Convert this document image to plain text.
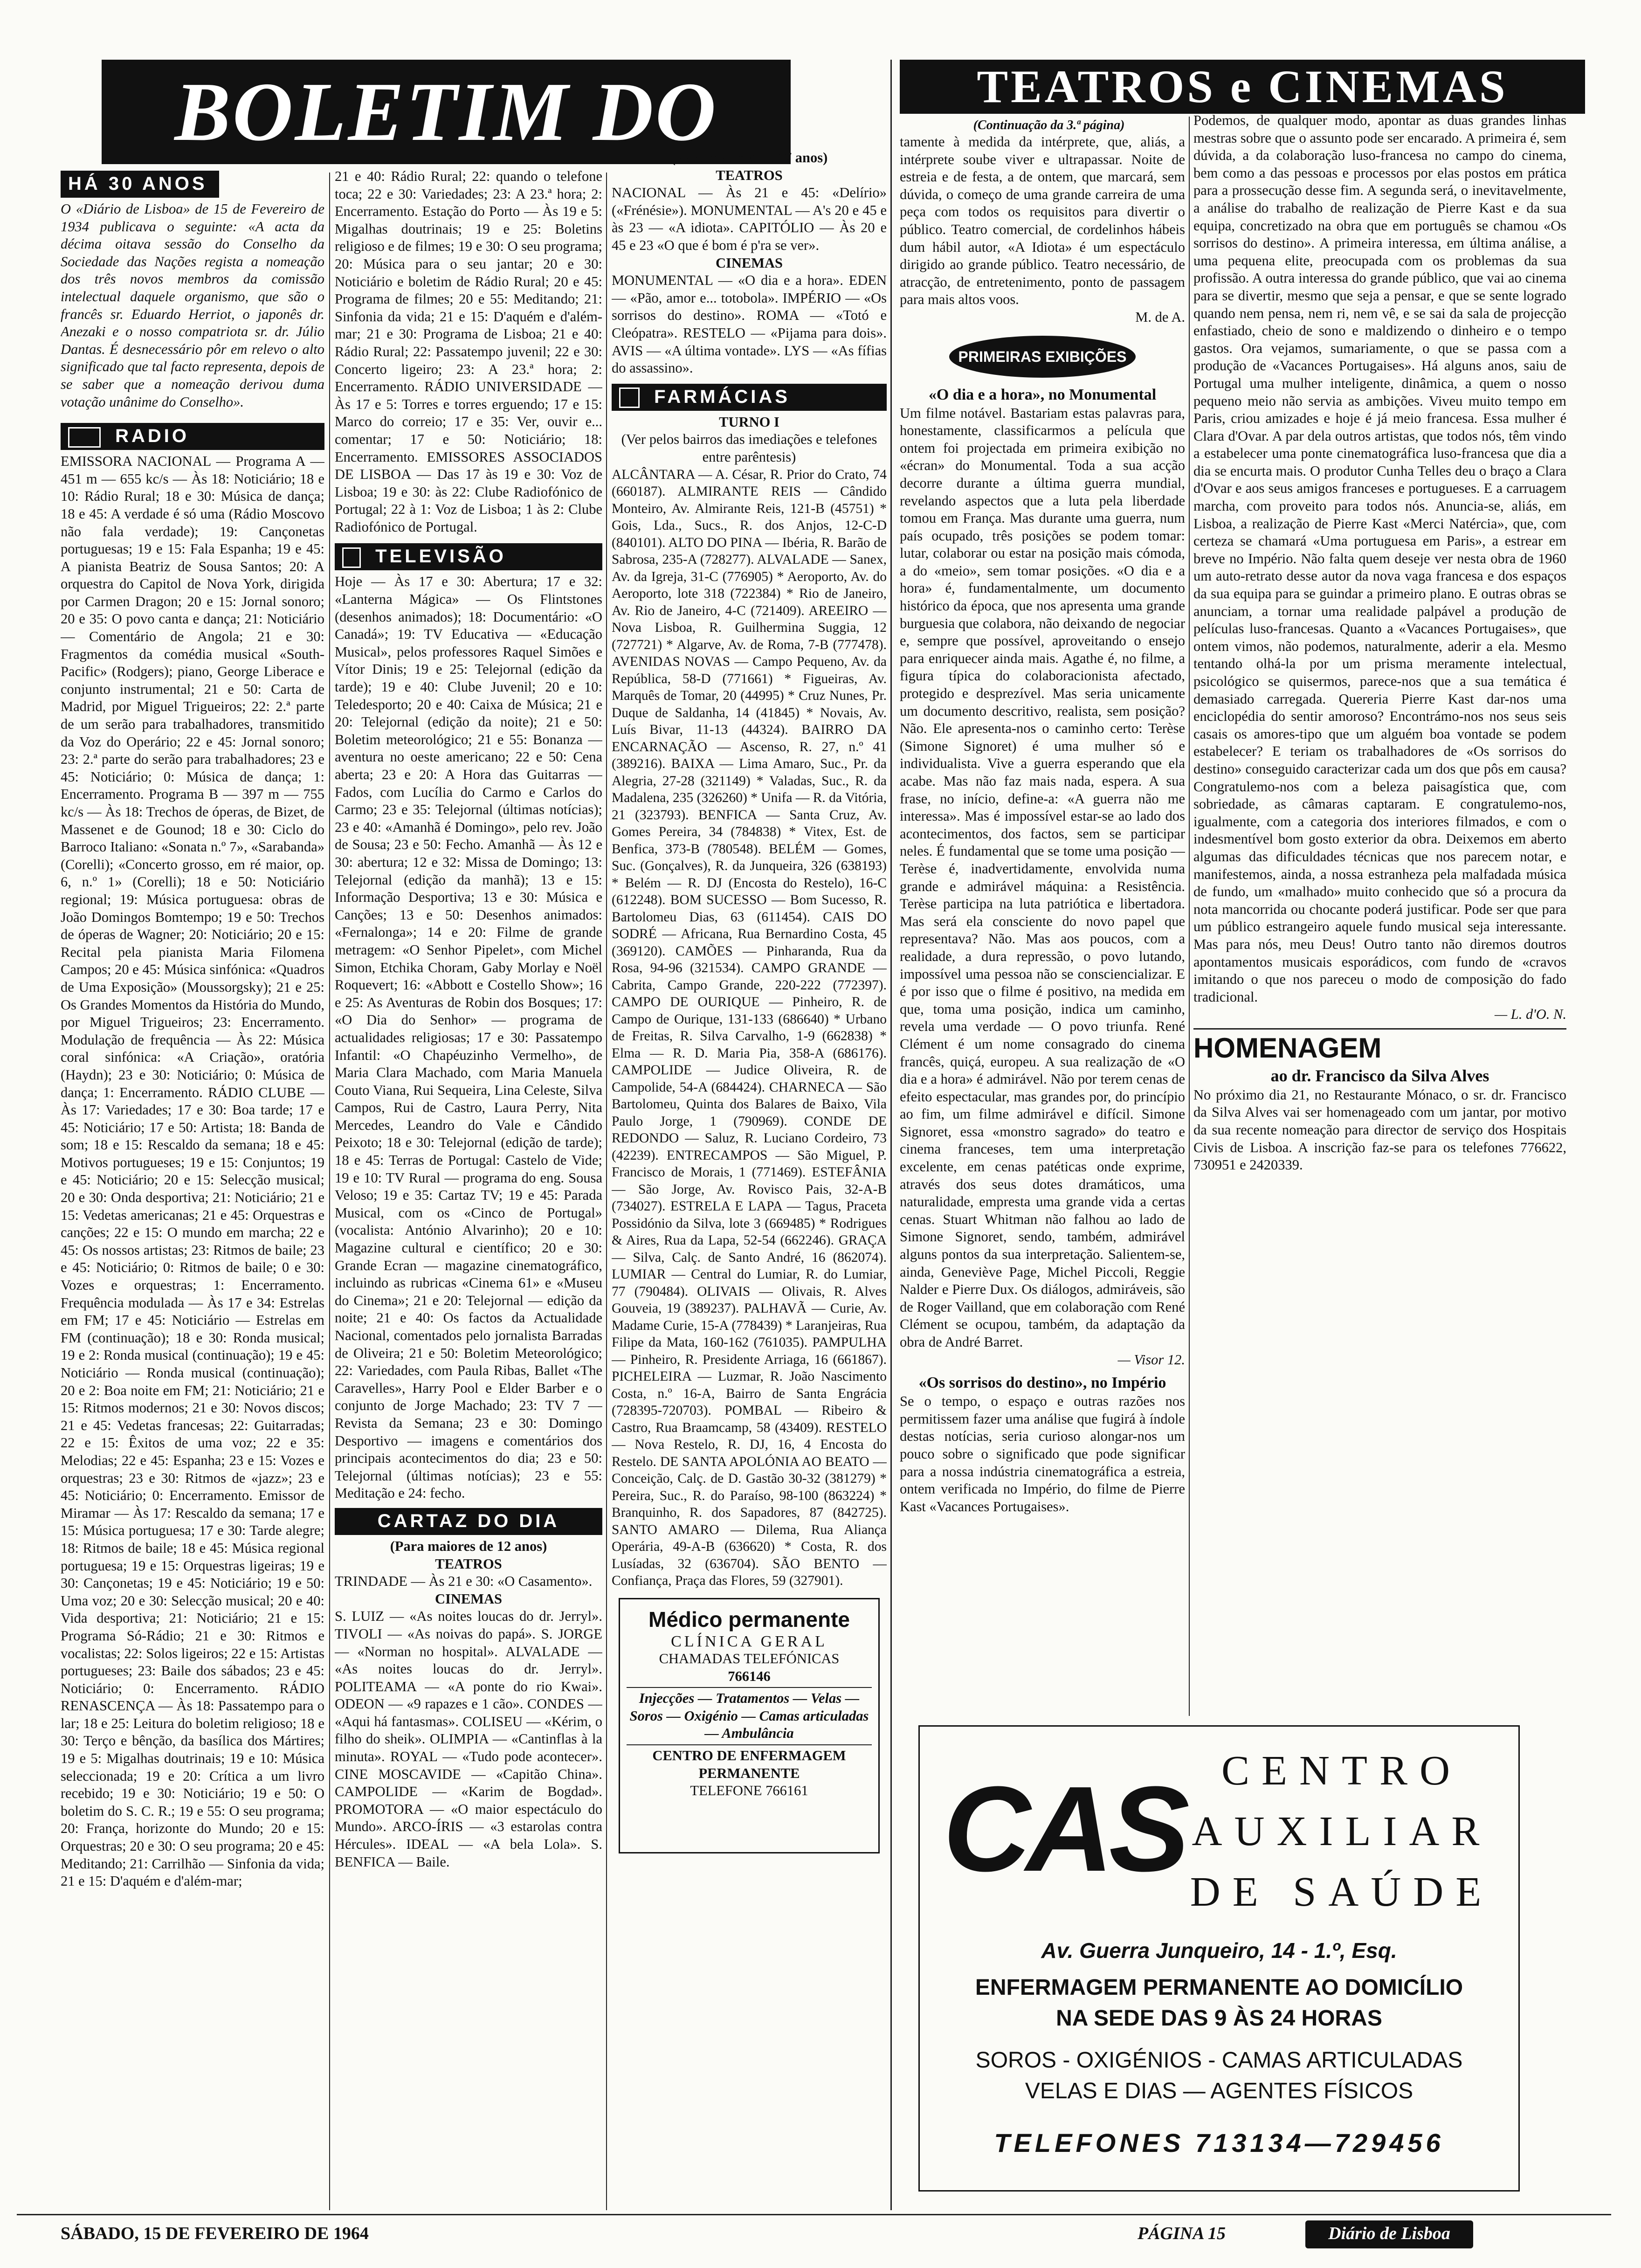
BOLETIM DO	TEATROS e CINEMAS
(Continuação da 3.ª página)
HÁ 30 ANOS
O «Diário de Lisboa» de 15 de Fevereiro de 1934 publicava o seguinte: «A acta da décima oitava sessão do Conselho da Sociedade das Nações regista a nomeação dos três novos membros da comissão intelectual daquele organismo, que são o francês sr. Eduardo Herriot, o japonês dr. Anezaki e o nosso compatriota sr. dr. Júlio Dantas. É desnecessário pôr em relevo o alto significado que tal facto representa, depois de se saber que a nomeação derivou duma votação unânime do Conselho».
RADIO
EMISSORA NACIONAL — Programa A — 451 m — 655 kc/s — Às 18: Noticiário; 18 e 10: Rádio Rural; 18 e 30: Música de dança; 18 e 45: A verdade é só uma (Rádio Moscovo não fala verdade); 19: Cançonetas portuguesas; 19 e 15: Fala Espanha; 19 e 45: A pianista Beatriz de Sousa Santos; 20: A orquestra do Capitol de Nova York, dirigida por Carmen Dragon; 20 e 15: Jornal sonoro; 20 e 35: O povo canta e dança; 21: Noticiário — Comentário de Angola; 21 e 30: Fragmentos da comédia musical «South-Pacific» (Rodgers); piano, George Liberace e conjunto instrumental; 21 e 50: Carta de Madrid, por Miguel Trigueiros; 22: 2.ª parte de um serão para trabalhadores, transmitido da Voz do Operário; 22 e 45: Jornal sonoro; 23: 2.ª parte do serão para trabalhadores; 23 e 45: Noticiário; 0: Música de dança; 1: Encerramento. Programa B — 397 m — 755 kc/s — Às 18: Trechos de óperas, de Bizet, de Massenet e de Gounod; 18 e 30: Ciclo do Barroco Italiano: «Sonata n.º 7», «Sarabanda» (Corelli); «Concerto grosso, em ré maior, op. 6, n.º 1» (Corelli); 18 e 50: Noticiário regional; 19: Música portuguesa: obras de João Domingos Bomtempo; 19 e 50: Trechos de óperas de Wagner; 20: Noticiário; 20 e 15: Recital pela pianista Maria Filomena Campos; 20 e 45: Música sinfónica: «Quadros de Uma Exposição» (Moussorgsky); 21 e 25: Os Grandes Momentos da História do Mundo, por Miguel Trigueiros; 23: Encerramento. Modulação de frequência — Às 22: Música coral sinfónica: «A Criação», oratória (Haydn); 23 e 30: Noticiário; 0: Música de dança; 1: Encerramento. RÁDIO CLUBE — Às 17: Variedades; 17 e 30: Boa tarde; 17 e 45: Noticiário; 17 e 50: Artista; 18: Banda de som; 18 e 15: Rescaldo da semana; 18 e 45: Motivos portugueses; 19 e 15: Conjuntos; 19 e 45: Noticiário; 20 e 15: Selecção musical; 20 e 30: Onda desportiva; 21: Noticiário; 21 e 15: Vedetas americanas; 21 e 45: Orquestras e canções; 22 e 15: O mundo em marcha; 22 e 45: Os nossos artistas; 23: Ritmos de baile; 23 e 45: Noticiário; 0: Ritmos de baile; 0 e 30: Vozes e orquestras; 1: Encerramento. Frequência modulada — Às 17 e 34: Estrelas em FM; 17 e 45: Noticiário — Estrelas em FM (continuação); 18 e 30: Ronda musical; 19 e 2: Ronda musical (continuação); 19 e 45: Noticiário — Ronda musical (continuação); 20 e 2: Boa noite em FM; 21: Noticiário; 21 e 15: Ritmos modernos; 21 e 30: Novos discos; 21 e 45: Vedetas francesas; 22: Guitarradas; 22 e 15: Êxitos de uma voz; 22 e 35: Melodias; 22 e 45: Espanha; 23 e 15: Vozes e orquestras; 23 e 30: Ritmos de «jazz»; 23 e 45: Noticiário; 0: Encerramento. Emissor de Miramar — Às 17: Rescaldo da semana; 17 e 15: Música portuguesa; 17 e 30: Tarde alegre; 18: Ritmos de baile; 18 e 45: Música regional portuguesa; 19 e 15: Orquestras ligeiras; 19 e 30: Cançonetas; 19 e 45: Noticiário; 19 e 50: Uma voz; 20 e 30: Selecção musical; 20 e 40: Vida desportiva; 21: Noticiário; 21 e 15: Programa Só-Rádio; 21 e 30: Ritmos e vocalistas; 22: Solos ligeiros; 22 e 15: Artistas portugueses; 23: Baile dos sábados; 23 e 45: Noticiário; 0: Encerramento. RÁDIO RENASCENÇA — Às 18: Passatempo para o lar; 18 e 25: Leitura do boletim religioso; 18 e 30: Terço e bênção, da basílica dos Mártires; 19 e 5: Migalhas doutrinais; 19 e 10: Música seleccionada; 19 e 20: Crítica a um livro recebido; 19 e 30: Noticiário; 19 e 50: O boletim do S. C. R.; 19 e 55: O seu programa; 20: França, horizonte do Mundo; 20 e 15: Orquestras; 20 e 30: O seu programa; 20 e 45: Meditando; 21: Carrilhão — Sinfonia da vida; 21 e 15: D'aquém e d'além-mar;
21 e 40: Rádio Rural; 22: quando o telefone toca; 22 e 30: Variedades; 23: A 23.ª hora; 2: Encerramento. Estação do Porto — Às 19 e 5: Migalhas doutrinais; 19 e 25: Boletins religioso e de filmes; 19 e 30: O seu programa; 20: Música para o seu jantar; 20 e 30: Noticiário e boletim de Rádio Rural; 20 e 45: Programa de filmes; 20 e 55: Meditando; 21: Sinfonia da vida; 21 e 15: D'aquém e d'além-mar; 21 e 30: Programa de Lisboa; 21 e 40: Rádio Rural; 22: Passatempo juvenil; 22 e 30: Concerto ligeiro; 23: A 23.ª hora; 2: Encerramento. RÁDIO UNIVERSIDADE — Às 17 e 5: Torres e torres erguendo; 17 e 15: Marco do correio; 17 e 35: Ver, ouvir e... comentar; 17 e 50: Noticiário; 18: Encerramento. EMISSORES ASSOCIADOS DE LISBOA — Das 17 às 19 e 30: Voz de Lisboa; 19 e 30: às 22: Clube Radiofónico de Portugal; 22 à 1: Voz de Lisboa; 1 às 2: Clube Radiofónico de Portugal.
TELEVISÃO
Hoje — Às 17 e 30: Abertura; 17 e 32: «Lanterna Mágica» — Os Flintstones (desenhos animados); 18: Documentário: «O Canadá»; 19: TV Educativa — «Educação Musical», pelos professores Raquel Simões e Vítor Dinis; 19 e 25: Telejornal (edição da tarde); 19 e 40: Clube Juvenil; 20 e 10: Teledesporto; 20 e 40: Caixa de Música; 21 e 20: Telejornal (edição da noite); 21 e 50: Boletim meteorológico; 21 e 55: Bonanza — aventura no oeste americano; 22 e 50: Cena aberta; 23 e 20: A Hora das Guitarras — Fados, com Lucília do Carmo e Carlos do Carmo; 23 e 35: Telejornal (últimas notícias); 23 e 40: «Amanhã é Domingo», pelo rev. João de Sousa; 23 e 50: Fecho. Amanhã — Às 12 e 30: abertura; 12 e 32: Missa de Domingo; 13: Telejornal (edição da manhã); 13 e 15: Informação Desportiva; 13 e 30: Música e Canções; 13 e 50: Desenhos animados: «Fernalonga»; 14 e 20: Filme de grande metragem: «O Senhor Pipelet», com Michel Simon, Etchika Choram, Gaby Morlay e Noël Roquevert; 16: «Abbott e Costello Show»; 16 e 25: As Aventuras de Robin dos Bosques; 17: «O Dia do Senhor» — programa de actualidades religiosas; 17 e 30: Passatempo Infantil: «O Chapéuzinho Vermelho», de Maria Clara Machado, com Maria Manuela Couto Viana, Rui Sequeira, Lina Celeste, Silva Campos, Rui de Castro, Laura Perry, Nita Mercedes, Leandro do Vale e Cândido Peixoto; 18 e 30: Telejornal (edição de tarde); 18 e 45: Terras de Portugal: Castelo de Vide; 19 e 10: TV Rural — programa do eng. Sousa Veloso; 19 e 35: Cartaz TV; 19 e 45: Parada Musical, com os «Cinco de Portugal» (vocalista: António Alvarinho); 20 e 10: Magazine cultural e científico; 20 e 30: Grande Ecran — magazine cinematográfico, incluindo as rubricas «Cinema 61» e «Museu do Cinema»; 21 e 20: Telejornal — edição da noite; 21 e 40: Os factos da Actualidade Nacional, comentados pelo jornalista Barradas de Oliveira; 21 e 50: Boletim Meteorológico; 22: Variedades, com Paula Ribas, Ballet «The Caravelles», Harry Pool e Elder Barber e o conjunto de Jorge Machado; 23: TV 7 — Revista da Semana; 23 e 30: Domingo Desportivo — imagens e comentários dos principais acontecimentos do dia; 23 e 50: Telejornal (últimas notícias); 23 e 55: Meditação e 24: fecho.
CARTAZ DO DIA
(Para maiores de 12 anos)
TEATROS
TRINDADE — Às 21 e 30: «O Casamento».
CINEMAS
S. LUIZ — «As noites loucas do dr. Jerryl». TIVOLI — «As noivas do papá». S. JORGE — «Norman no hospital». ALVALADE — «As noites loucas do dr. Jerryl». POLITEAMA — «A ponte do rio Kwai». ODEON — «9 rapazes e 1 cão». CONDES — «Aqui há fantasmas». COLISEU — «Kérim, o filho do sheik». OLIMPIA — «Cantinflas à la minuta». ROYAL — «Tudo pode acontecer». CINE MOSCAVIDE — «Capitão China». CAMPOLIDE — «Karim de Bogdad». PROMOTORA — «O maior espectáculo do Mundo». ARCO-ÍRIS — «3 estarolas contra Hércules». IDEAL — «A bela Lola». S. BENFICA — Baile.
(Para maiores de 17 anos)
TEATROS
NACIONAL — Às 21 e 45: «Delírio» («Frénésie»). MONUMENTAL — A's 20 e 45 e às 23 — «A idiota». CAPITÓLIO — Às 20 e 45 e 23 «O que é bom é p'ra se ver».
CINEMAS
MONUMENTAL — «O dia e a hora». EDEN — «Pão, amor e... totobola». IMPÉRIO — «Os sorrisos do destino». ROMA — «Totó e Cleópatra». RESTELO — «Pijama para dois». AVIS — «A última vontade». LYS — «As fífias do assassino».
FARMÁCIAS
TURNO I
(Ver pelos bairros das imediações e telefones entre parêntesis)
ALCÂNTARA — A. César, R. Prior do Crato, 74 (660187). ALMIRANTE REIS — Cândido Monteiro, Av. Almirante Reis, 121-B (45751) * Gois, Lda., Sucs., R. dos Anjos, 12-C-D (840101). ALTO DO PINA — Ibéria, R. Barão de Sabrosa, 235-A (728277). ALVALADE — Sanex, Av. da Igreja, 31-C (776905) * Aeroporto, Av. do Aeroporto, lote 318 (722384) * Rio de Janeiro, Av. Rio de Janeiro, 4-C (721409). AREEIRO — Nova Lisboa, R. Guilhermina Suggia, 12 (727721) * Algarve, Av. de Roma, 7-B (777478). AVENIDAS NOVAS — Campo Pequeno, Av. da República, 58-D (771661) * Figueiras, Av. Marquês de Tomar, 20 (44995) * Cruz Nunes, Pr. Duque de Saldanha, 14 (41845) * Novais, Av. Luís Bivar, 11-13 (44324). BAIRRO DA ENCARNAÇÃO — Ascenso, R. 27, n.º 41 (389216). BAIXA — Lima Amaro, Suc., Pr. da Alegria, 27-28 (321149) * Valadas, Suc., R. da Madalena, 235 (326260) * Unifa — R. da Vitória, 21 (323793). BENFICA — Santa Cruz, Av. Gomes Pereira, 34 (784838) * Vitex, Est. de Benfica, 373-B (780548). BELÉM — Gomes, Suc. (Gonçalves), R. da Junqueira, 326 (638193) * Belém — R. DJ (Encosta do Restelo), 16-C (612248). BOM SUCESSO — Bom Sucesso, R. Bartolomeu Dias, 63 (611454). CAIS DO SODRÉ — Africana, Rua Bernardino Costa, 45 (369120). CAMÕES — Pinharanda, Rua da Rosa, 94-96 (321534). CAMPO GRANDE — Cabrita, Campo Grande, 220-222 (772397). CAMPO DE OURIQUE — Pinheiro, R. de Campo de Ourique, 131-133 (686640) * Urbano de Freitas, R. Silva Carvalho, 1-9 (662838) * Elma — R. D. Maria Pia, 358-A (686176). CAMPOLIDE — Judice Oliveira, R. de Campolide, 54-A (684424). CHARNECA — São Bartolomeu, Quinta dos Balares de Baixo, Vila Paulo Jorge, 1 (790969). CONDE DE REDONDO — Saluz, R. Luciano Cordeiro, 73 (42239). ENTRECAMPOS — São Miguel, P. Francisco de Morais, 1 (771469). ESTEFÂNIA — São Jorge, Av. Rovisco Pais, 32-A-B (734027). ESTRELA E LAPA — Tagus, Praceta Possidónio da Silva, lote 3 (669485) * Rodrigues & Aires, Rua da Lapa, 52-54 (662246). GRAÇA — Silva, Calç. de Santo André, 16 (862074). LUMIAR — Central do Lumiar, R. do Lumiar, 77 (790484). OLIVAIS — Olivais, R. Alves Gouveia, 19 (389237). PALHAVÃ — Curie, Av. Madame Curie, 15-A (778439) * Laranjeiras, Rua Filipe da Mata, 160-162 (761035). PAMPULHA — Pinheiro, R. Presidente Arriaga, 16 (661867). PICHELEIRA — Luzmar, R. João Nascimento Costa, n.º 16-A, Bairro de Santa Engrácia (728395-720703). POMBAL — Ribeiro & Castro, Rua Braamcamp, 58 (43409). RESTELO — Nova Restelo, R. DJ, 16, 4 Encosta do Restelo. DE SANTA APOLÓNIA AO BEATO — Conceição, Calç. de D. Gastão 30-32 (381279) * Pereira, Suc., R. do Paraíso, 98-100 (863224) * Branquinho, R. dos Sapadores, 87 (842725). SANTO AMARO — Dilema, Rua Aliança Operária, 49-A-B (636620) * Costa, R. dos Lusíadas, 32 (636704). SÃO BENTO — Confiança, Praça das Flores, 59 (327901).
Médico permanente
CLÍNICA GERAL
CHAMADAS TELEFÓNICAS
766146
Injecções — Tratamentos — Velas — Soros — Oxigénio — Camas articuladas — Ambulância
CENTRO DE ENFERMAGEM PERMANENTE
TELEFONE 766161
tamente à medida da intérprete, que, aliás, a intérprete soube viver e ultrapassar. Noite de estreia e de festa, a de ontem, que marcará, sem dúvida, o começo de uma grande carreira de uma peça com todos os requisitos para divertir o público. Teatro comercial, de cordelinhos hábeis dum hábil autor, «A Idiota» é um espectáculo dirigido ao grande público. Teatro necessário, de atracção, de entretenimento, ponto de passagem para mais altos voos.
M. de A.
PRIMEIRAS EXIBIÇÕES
«O dia e a hora», no Monumental
Um filme notável. Bastariam estas palavras para, honestamente, classificarmos a película que ontem foi projectada em primeira exibição no «écran» do Monumental. Toda a sua acção decorre durante a última guerra mundial, revelando aspectos que a luta pela liberdade tomou em França. Mas durante uma guerra, num país ocupado, três posições se podem tomar: lutar, colaborar ou estar na posição mais cómoda, a do «meio», sem tomar posições. «O dia e a hora» é, fundamentalmente, um documento histórico da época, que nos apresenta uma grande burguesia que colabora, não deixando de negociar e, sempre que possível, aproveitando o ensejo para enriquecer ainda mais. Agathe é, no filme, a figura típica do colaboracionista afectado, protegido e desprezível. Mas seria unicamente um documento descritivo, realista, sem posição? Não. Ele apresenta-nos o caminho certo: Terèse (Simone Signoret) é uma mulher só e individualista. Vive a guerra esperando que ela acabe. Mas não faz mais nada, espera. A sua frase, no início, define-a: «A guerra não me interessa». Mas é impossível estar-se ao lado dos acontecimentos, dos factos, sem se participar neles. É fundamental que se tome uma posição — Terèse é, inadvertidamente, envolvida numa grande e admirável máquina: a Resistência. Terèse participa na luta patriótica e libertadora. Mas será ela consciente do novo papel que representava? Não. Mas aos poucos, com a realidade, a dura repressão, o povo lutando, impossível uma pessoa não se consciencializar. E é por isso que o filme é positivo, na medida em que, toma uma posição, indica um caminho, revela uma verdade — O povo triunfa. René Clément é um nome consagrado do cinema francês, quiçá, europeu. A sua realização de «O dia e a hora» é admirável. Não por terem cenas de efeito espectacular, mas grandes por, do princípio ao fim, um filme admirável e difícil. Simone Signoret, essa «monstro sagrado» do teatro e cinema franceses, tem uma interpretação excelente, em cenas patéticas onde exprime, através dos seus dotes dramáticos, uma naturalidade, empresta uma grande vida a certas cenas. Stuart Whitman não falhou ao lado de Simone Signoret, sendo, também, admirável alguns pontos da sua interpretação. Salientem-se, ainda, Geneviève Page, Michel Piccoli, Reggie Nalder e Pierre Dux. Os diálogos, admiráveis, são de Roger Vailland, que em colaboração com René Clément se ocupou, também, da adaptação da obra de André Barret.
— Visor 12.
«Os sorrisos do destino», no Império
Se o tempo, o espaço e outras razões nos permitissem fazer uma análise que fugirá à índole destas notícias, seria curioso alongar-nos um pouco sobre o significado que pode significar para a nossa indústria cinematográfica a estreia, ontem verificada no Império, do filme de Pierre Kast «Vacances Portugaises».
Podemos, de qualquer modo, apontar as duas grandes linhas mestras sobre que o assunto pode ser encarado. A primeira é, sem dúvida, a da colaboração luso-francesa no campo do cinema, bem como a das pessoas e processos por elas postos em prática para a prossecução desse fim. A segunda será, o inevitavelmente, a análise do trabalho de realização de Pierre Kast e da sua equipa, concretizado na obra que em português se chamou «Os sorrisos do destino». A primeira interessa, em última análise, a uma pequena elite, preocupada com os problemas da sua profissão. A outra interessa do grande público, que vai ao cinema para se divertir, mesmo que seja a pensar, e que se sente logrado quando nem pensa, nem ri, nem vê, e se sai da sala de projecção enfastiado, cheio de sono e maldizendo o dinheiro e o tempo gastos. Ora vejamos, sumariamente, o que se passa com a produção de «Vacances Portugaises». Há alguns anos, saiu de Portugal uma mulher inteligente, dinâmica, a quem o nosso pequeno meio não servia as ambições. Viveu muito tempo em Paris, criou amizades e hoje é já meio francesa. Essa mulher é Clara d'Ovar. A par dela outros artistas, que todos nós, têm vindo a estabelecer uma ponte cinematográfica luso-francesa que dia a dia se encurta mais. O produtor Cunha Telles deu o braço a Clara d'Ovar e aos seus amigos franceses e portugueses. E a carruagem marcha, com proveito para todos nós. Anuncia-se, aliás, em Lisboa, a realização de Pierre Kast «Merci Natércia», que, com certeza se chamará «Uma portuguesa em Paris», a estrear em breve no Império. Não falta quem deseje ver nesta obra de 1960 um auto-retrato desse autor da nova vaga francesa e dos espaços da sua equipa para se guindar a primeiro plano. E outras obras se anunciam, a tornar uma realidade palpável a produção de películas luso-francesas. Quanto a «Vacances Portugaises», que ontem vimos, não podemos, naturalmente, aderir a ela. Mesmo tentando olhá-la por um prisma meramente intelectual, psicológico se quisermos, parece-nos que a sua temática é demasiado carregada. Quereria Pierre Kast dar-nos uma enciclopédia do sentir amoroso? Encontrámo-nos nos seus seis casais os amores-tipo que um alguém boa vontade se podem estabelecer? E teriam os trabalhadores de «Os sorrisos do destino» conseguido caracterizar cada um dos que pôs em causa? Congratulemo-nos com a beleza paisagística que, com sobriedade, as câmaras captaram. E congratulemo-nos, igualmente, com a categoria dos interiores filmados, e com o indesmentível bom gosto exterior da obra. Deixemos em aberto algumas das dificuldades técnicas que nos parecem notar, e manifestemos, ainda, a nossa estranheza pela malfadada música de fundo, um «malhado» muito conhecido que só a procura da nota mancorrida ou chocante poderá justificar. Pode ser que para um público estrangeiro aquele fundo musical seja interessante. Mas para nós, meu Deus! Outro tanto não diremos doutros apontamentos musicais esporádicos, com fundo de «cravos imitando o que nos pareceu o modo de composição do fado tradicional.
— L. d'O. N.
HOMENAGEM
ao dr. Francisco da Silva Alves
No próximo dia 21, no Restaurante Mónaco, o sr. dr. Francisco da Silva Alves vai ser homenageado com um jantar, por motivo da sua recente nomeação para director de serviço dos Hospitais Civis de Lisboa. A inscrição faz-se para os telefones 776622, 730951 e 2420339.
CAS CENTRO
AUXILIAR
DE SAÚDE
Av. Guerra Junqueiro, 14 - 1.º, Esq.
ENFERMAGEM PERMANENTE AO DOMICÍLIO
NA SEDE DAS 9 ÀS 24 HORAS
SOROS - OXIGÉNIOS - CAMAS ARTICULADAS
VELAS E DIAS — AGENTES FÍSICOS
TELEFONES 713134—729456
SÁBADO, 15 DE FEVEREIRO DE 1964	PÁGINA 15	Diário de Lisboa
